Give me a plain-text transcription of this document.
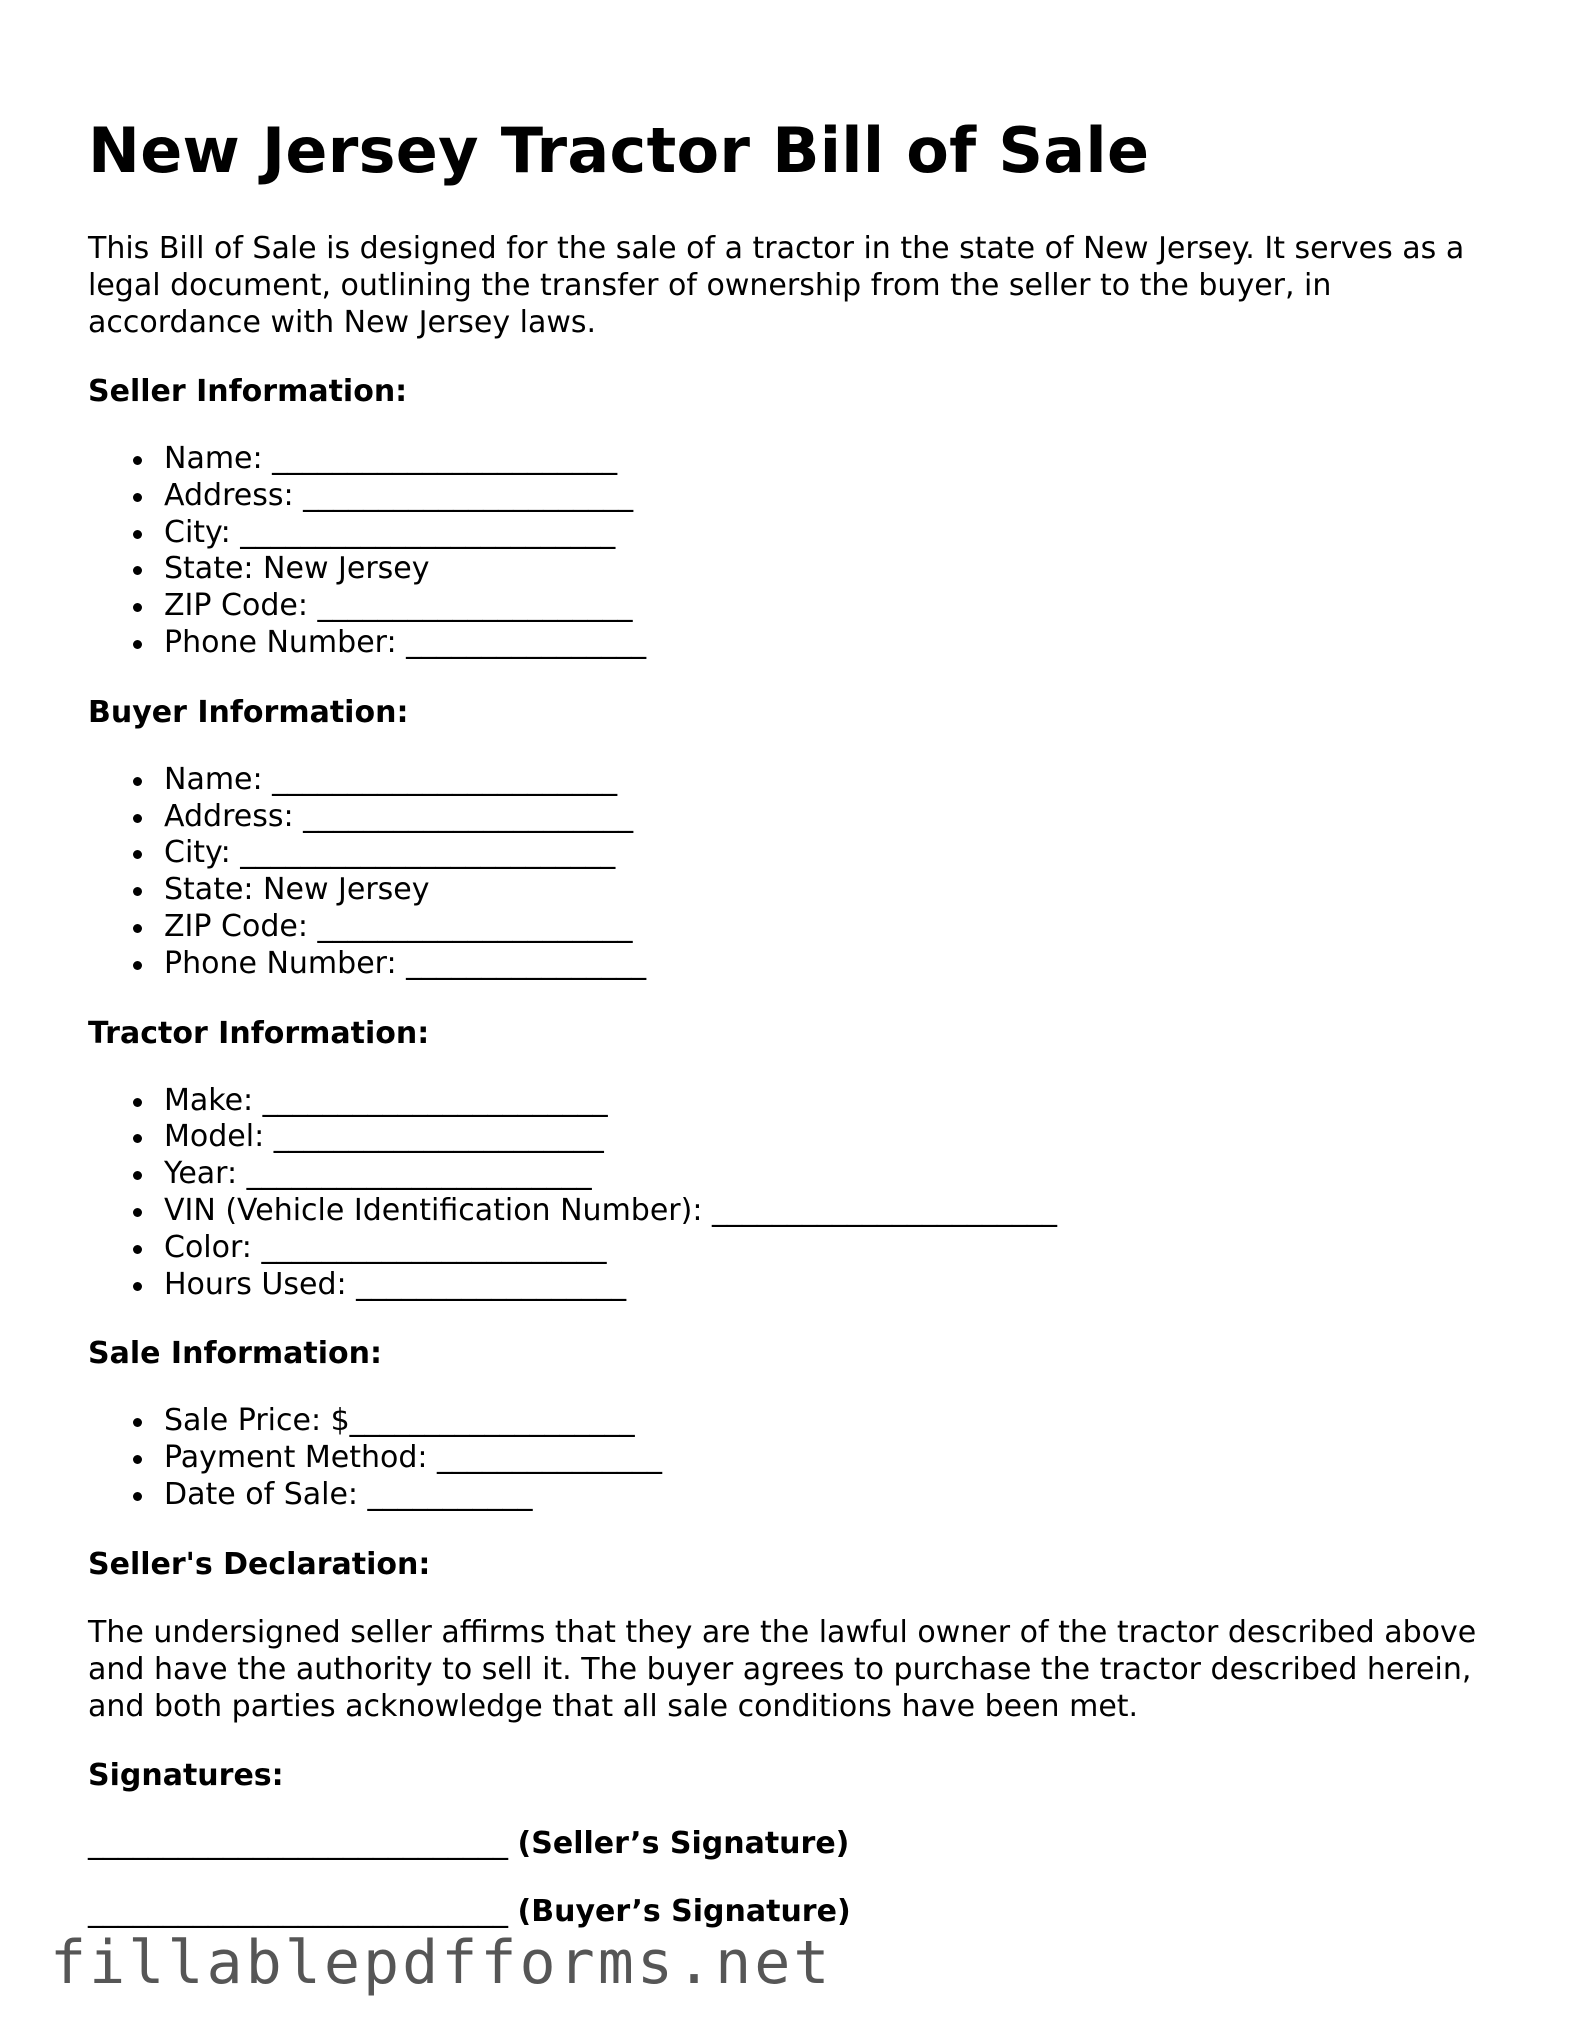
New Jersey Tractor Bill of Sale

This Bill of Sale is designed for the sale of a tractor in the state of New Jersey. It serves as a legal document, outlining the transfer of ownership from the seller to the buyer, in accordance with New Jersey laws.

Seller Information:
Name: _______________________
Address: ______________________
City: _________________________
State: New Jersey
ZIP Code: _____________________
Phone Number: ________________
Buyer Information:
Name: _______________________
Address: ______________________
City: _________________________
State: New Jersey
ZIP Code: _____________________
Phone Number: ________________
Tractor Information:
Make: _______________________
Model: ______________________
Year: _______________________
VIN (Vehicle Identification Number): _______________________
Color: _______________________
Hours Used: __________________
Sale Information:
Sale Price: $___________________
Payment Method: _______________
Date of Sale: ___________
Seller's Declaration:

The undersigned seller affirms that they are the lawful owner of the tractor described above and have the authority to sell it. The buyer agrees to purchase the tractor described herein, and both parties acknowledge that all sale conditions have been met.

Signatures:
____________________________ (Seller’s Signature)
____________________________ (Buyer’s Signature)
fillablepdfforms.net
